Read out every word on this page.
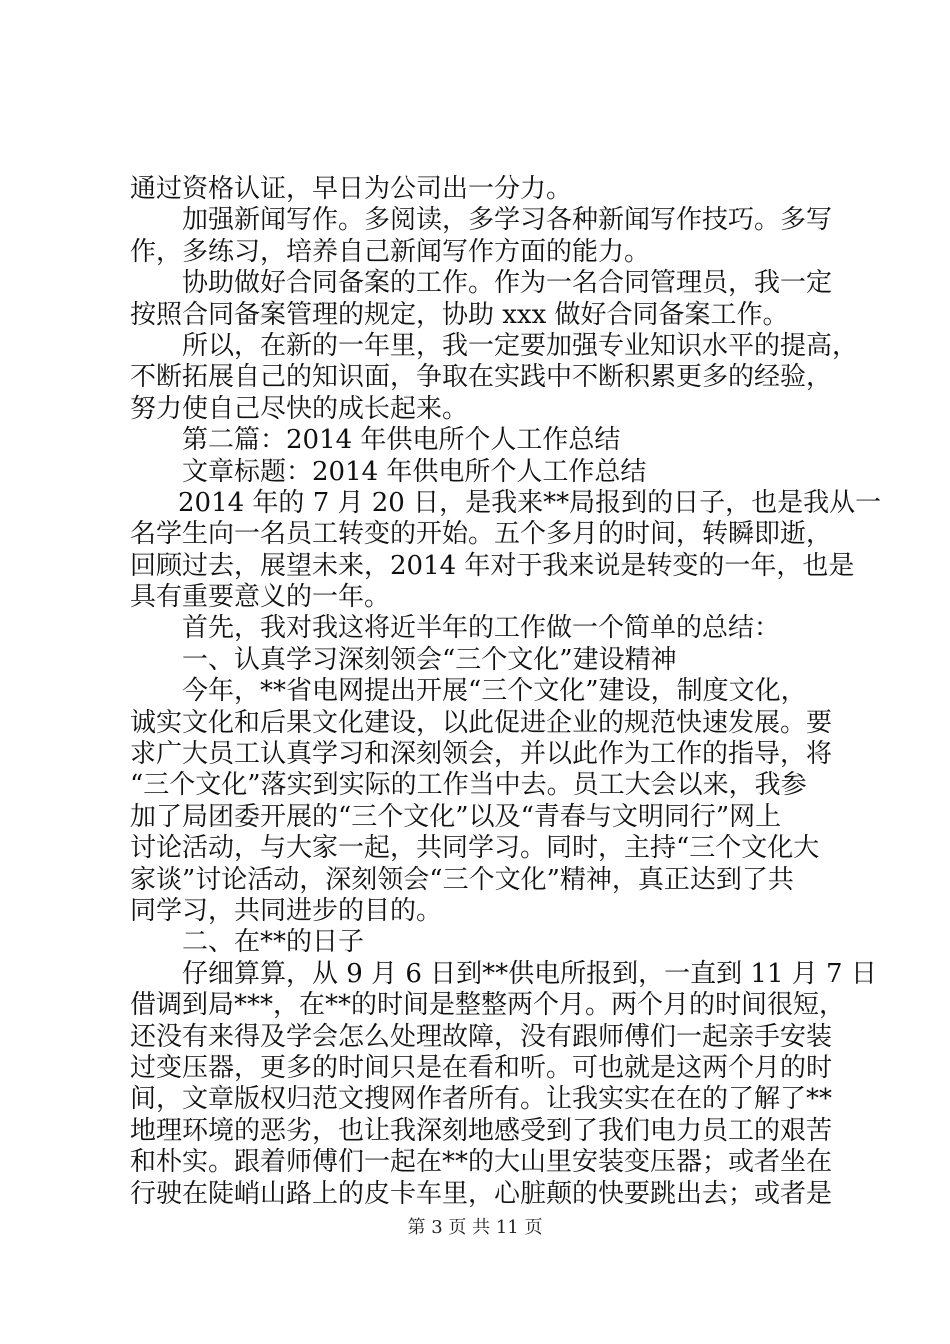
通过资格认证，早日为公司出一分力。
加强新闻写作。多阅读，多学习各种新闻写作技巧。多写
作，多练习，培养自己新闻写作方面的能力。
协助做好合同备案的工作。作为一名合同管理员，我一定
按照合同备案管理的规定，协助 xxx 做好合同备案工作。
所以，在新的一年里，我一定要加强专业知识水平的提高，
不断拓展自己的知识面，争取在实践中不断积累更多的经验，
努力使自己尽快的成长起来。
第二篇：2014 年供电所个人工作总结
文章标题：2014 年供电所个人工作总结
2014 年的 7 月 20 日，是我来**局报到的日子，也是我从一
名学生向一名员工转变的开始。五个多月的时间，转瞬即逝，
回顾过去，展望未来，2014 年对于我来说是转变的一年，也是
具有重要意义的一年。
首先，我对我这将近半年的工作做一个简单的总结：
一、认真学习深刻领会“三个文化”建设精神
今年，**省电网提出开展“三个文化”建设，制度文化，
诚实文化和后果文化建设，以此促进企业的规范快速发展。要
求广大员工认真学习和深刻领会，并以此作为工作的指导，将
“三个文化”落实到实际的工作当中去。员工大会以来，我参
加了局团委开展的“三个文化”以及“青春与文明同行”网上
讨论活动，与大家一起，共同学习。同时，主持“三个文化大
家谈”讨论活动，深刻领会“三个文化”精神，真正达到了共
同学习，共同进步的目的。
二、在**的日子
仔细算算，从 9 月 6 日到**供电所报到，一直到 11 月 7 日
借调到局***，在**的时间是整整两个月。两个月的时间很短，
还没有来得及学会怎么处理故障，没有跟师傅们一起亲手安装
过变压器，更多的时间只是在看和听。可也就是这两个月的时
间，文章版权归范文搜网作者所有。让我实实在在的了解了**
地理环境的恶劣，也让我深刻地感受到了我们电力员工的艰苦
和朴实。跟着师傅们一起在**的大山里安装变压器；或者坐在
行驶在陡峭山路上的皮卡车里，心脏颠的快要跳出去；或者是
第 3 页 共 11 页
